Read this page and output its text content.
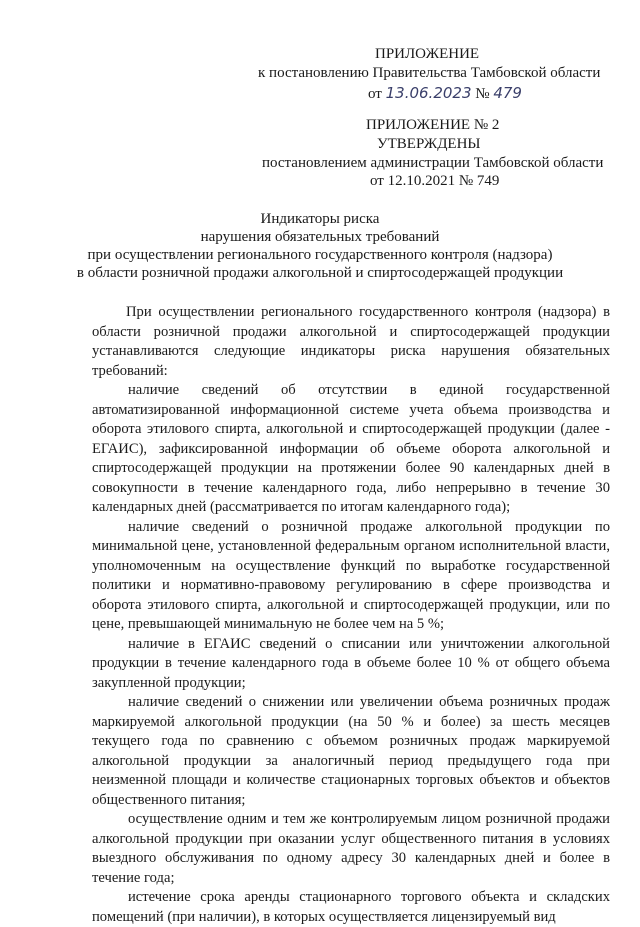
ПРИЛОЖЕНИЕ
к постановлению Правительства Тамбовской области
от 13.06.2023 № 479
ПРИЛОЖЕНИЕ № 2
УТВЕРЖДЕНЫ
постановлением администрации Тамбовской области
от 12.10.2021 № 749
Индикаторы риска
нарушения обязательных требований
при осуществлении регионального государственного контроля (надзора)
в области розничной продажи алкогольной и спиртосодержащей продукции

При осуществлении регионального государственного контроля (надзора) в области розничной продажи алкогольной и спиртосодержащей продукции устанавливаются следующие индикаторы риска нарушения обязательных требований:

наличие сведений об отсутствии в единой государственной автоматизированной информационной системе учета объема производства и оборота этилового спирта, алкогольной и спиртосодержащей продукции (далее - ЕГАИС), зафиксированной информации об объеме оборота алкогольной и спиртосодержащей продукции на протяжении более 90 календарных дней в совокупности в течение календарного года, либо непрерывно в течение 30 календарных дней (рассматривается по итогам календарного года);

наличие сведений о розничной продаже алкогольной продукции по минимальной цене, установленной федеральным органом исполнительной власти, уполномоченным на осуществление функций по выработке государственной политики и нормативно-правовому регулированию в сфере производства и оборота этилового спирта, алкогольной и спиртосодержащей продукции, или по цене, превышающей минимальную не более чем на 5 %;

наличие в ЕГАИС сведений о списании или уничтожении алкогольной продукции в течение календарного года в объеме более 10 % от общего объема закупленной продукции;

наличие сведений о снижении или увеличении объема розничных продаж маркируемой алкогольной продукции (на 50 % и более) за шесть месяцев текущего года по сравнению с объемом розничных продаж маркируемой алкогольной продукции за аналогичный период предыдущего года при неизменной площади и количестве стационарных торговых объектов и объектов общественного питания;

осуществление одним и тем же контролируемым лицом розничной продажи алкогольной продукции при оказании услуг общественного питания в условиях выездного обслуживания по одному адресу 30 календарных дней и более в течение года;

истечение срока аренды стационарного торгового объекта и складских помещений (при наличии), в которых осуществляется лицензируемый вид
